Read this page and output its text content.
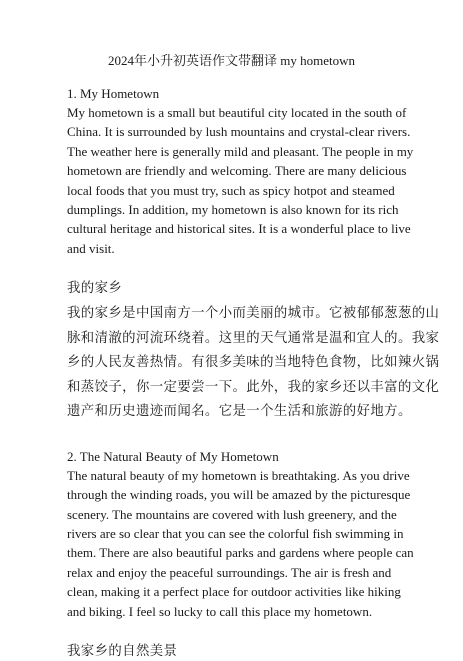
2024年小升初英语作文带翻译 my hometown

1. My Hometown

My hometown is a small but beautiful city located in the south of
China. It is surrounded by lush mountains and crystal-clear rivers.
The weather here is generally mild and pleasant. The people in my
hometown are friendly and welcoming. There are many delicious
local foods that you must try, such as spicy hotpot and steamed
dumplings. In addition, my hometown is also known for its rich
cultural heritage and historical sites. It is a wonderful place to live
and visit.

我的家乡

我的家乡是中国南方一个小而美丽的城市。它被郁郁葱葱的山
脉和清澈的河流环绕着。这里的天气通常是温和宜人的。我家
乡的人民友善热情。有很多美味的当地特色食物，比如辣火锅
和蒸饺子，你一定要尝一下。此外，我的家乡还以丰富的文化
遗产和历史遗迹而闻名。它是一个生活和旅游的好地方。

2. The Natural Beauty of My Hometown

The natural beauty of my hometown is breathtaking. As you drive
through the winding roads, you will be amazed by the picturesque
scenery. The mountains are covered with lush greenery, and the
rivers are so clear that you can see the colorful fish swimming in
them. There are also beautiful parks and gardens where people can
relax and enjoy the peaceful surroundings. The air is fresh and
clean, making it a perfect place for outdoor activities like hiking
and biking. I feel so lucky to call this place my hometown.

我家乡的自然美景
